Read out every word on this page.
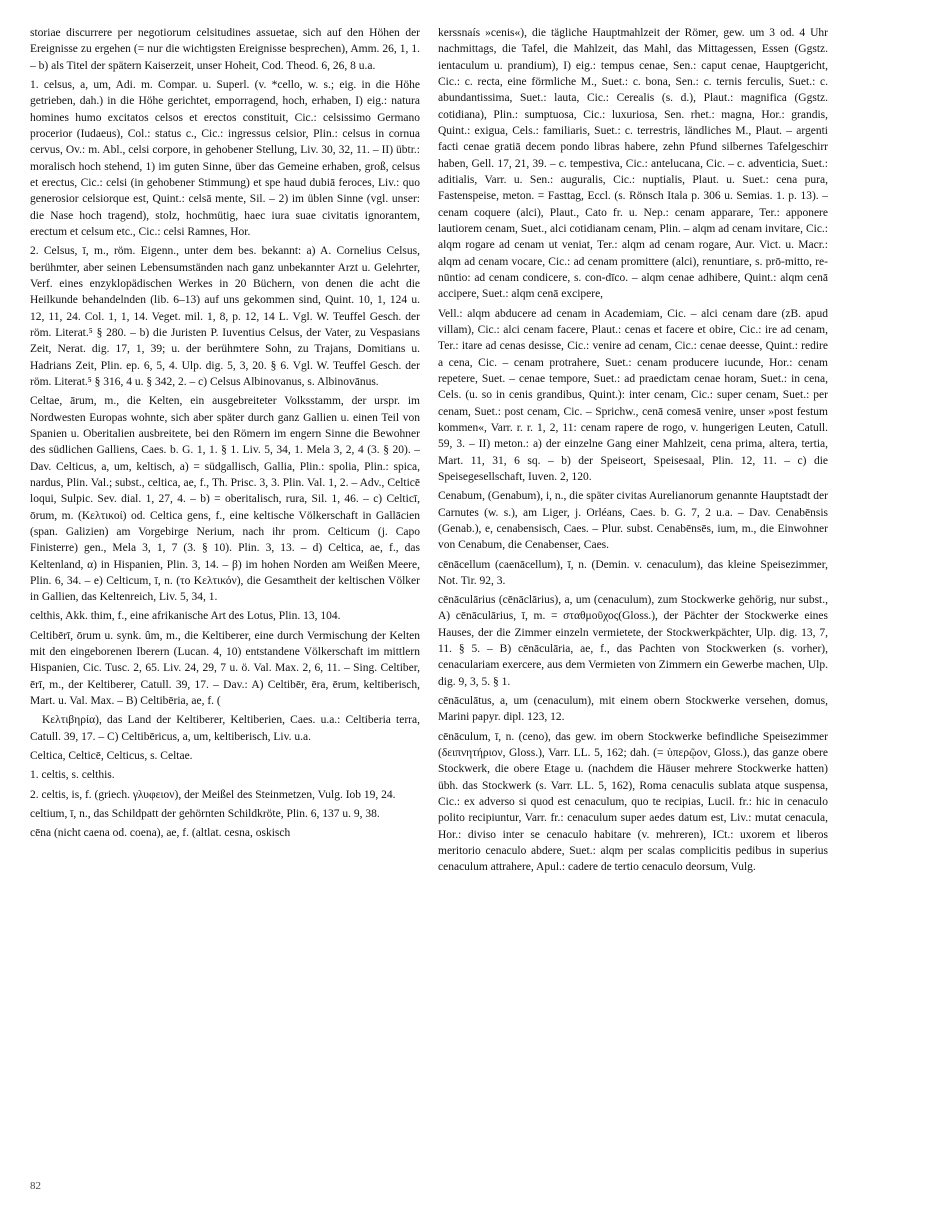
storiae discurrere per negotiorum celsitudines assuetae, sich auf den Höhen der Ereignisse zu ergehen (= nur die wichtigsten Ereignisse besprechen), Amm. 26, 1, 1. – b) als Titel der spätern Kaiserzeit, unser Hoheit, Cod. Theod. 6, 26, 8 u.a.

1. celsus, a, um, Adi. m. Compar. u. Superl. (v. *cello, w. s.; eig. in die Höhe getrieben, dah.) in die Höhe gerichtet, emporragend, hoch, erhaben, I) eig.: natura homines humo excitatos celsos et erectos constituit, Cic.: celsissimo Germano procerior (Iudaeus), Col.: status c., Cic.: ingressus celsior, Plin.: celsus in cornua cervus, Ov.: m. Abl., celsi corpore, in gehobener Stellung, Liv. 30, 32, 11. – II) übtr.: moralisch hoch stehend, 1) im guten Sinne, über das Gemeine erhaben, groß, celsus et erectus, Cic.: celsi (in gehobener Stimmung) et spe haud dubiā feroces, Liv.: quo generosior celsiorque est, Quint.: celsā mente, Sil. – 2) im üblen Sinne (vgl. unser: die Nase hoch tragend), stolz, hochmütig, haec iura suae civitatis ignorantem, erectum et celsum etc., Cic.: celsi Ramnes, Hor.

2. Celsus, ī, m., röm. Eigenn., unter dem bes. bekannt: a) A. Cornelius Celsus, berühmter, aber seinen Lebensumständen nach ganz unbekannter Arzt u. Gelehrter, Verf. eines enzyklopädischen Werkes in 20 Büchern, von denen die acht die Heilkunde behandelnden (lib. 6–13) auf uns gekommen sind, Quint. 10, 1, 124 u. 12, 11, 24. Col. 1, 1, 14. Veget. mil. 1, 8, p. 12, 14 L. Vgl. W. Teuffel Gesch. der röm. Literat.⁵ § 280. – b) die Juristen P. Iuventius Celsus, der Vater, zu Vespasians Zeit, Nerat. dig. 17, 1, 39; u. der berühmtere Sohn, zu Trajans, Domitians u. Hadrians Zeit, Plin. ep. 6, 5, 4. Ulp. dig. 5, 3, 20. § 6. Vgl. W. Teuffel Gesch. der röm. Literat.⁵ § 316, 4 u. § 342, 2. – c) Celsus Albinovanus, s. Albinovānus.

Celtae, ārum, m., die Kelten, ein ausgebreiteter Volksstamm, der urspr. im Nordwesten Europas wohnte, sich aber später durch ganz Gallien u. einen Teil von Spanien u. Oberitalien ausbreitete, bei den Römern im engern Sinne die Bewohner des südlichen Galliens, Caes. b. G. 1, 1. § 1. Liv. 5, 34, 1. Mela 3, 2, 4 (3. § 20). – Dav. Celticus, a, um, keltisch, a) = südgallisch, Gallia, Plin.: spolia, Plin.: spica, nardus, Plin. Val.; subst., celtica, ae, f., Th. Prisc. 3, 3. Plin. Val. 1, 2. – Adv., Celticē loqui, Sulpic. Sev. dial. 1, 27, 4. – b) = oberitalisch, rura, Sil. 1, 46. – c) Celticī, ōrum, m. (Κελτικοί) od. Celtica gens, f., eine keltische Völkerschaft in Gallācien (span. Galizien) am Vorgebirge Nerium, nach ihr prom. Celticum (j. Capo Finisterre) gen., Mela 3, 1, 7 (3. § 10). Plin. 3, 13. – d) Celtica, ae, f., das Keltenland, α) in Hispanien, Plin. 3, 14. – β) im hohen Norden am Weißen Meere, Plin. 6, 34. – e) Celticum, ī, n. (το Κελτικόν), die Gesamtheit der keltischen Völker in Gallien, das Keltenreich, Liv. 5, 34, 1.

celthis, Akk. thim, f., eine afrikanische Art des Lotus, Plin. 13, 104.

Celtibērī, ōrum u. synk. ûm, m., die Keltiberer, eine durch Vermischung der Kelten mit den eingeborenen Iberern (Lucan. 4, 10) entstandene Völkerschaft im mittlern Hispanien, Cic. Tusc. 2, 65. Liv. 24, 29, 7 u. ö. Val. Max. 2, 6, 11. – Sing. Celtiber, ērī, m., der Keltiberer, Catull. 39, 17. – Dav.: A) Celtibēr, ēra, ērum, keltiberisch, Mart. u. Val. Max. – B) Celtibēria, ae, f. (

Κελτιβηρία), das Land der Keltiberer, Keltiberien, Caes. u.a.: Celtiberia terra, Catull. 39, 17. – C) Celtibēricus, a, um, keltiberisch, Liv. u.a.

Celtica, Celticē, Celticus, s. Celtae.

1. celtis, s. celthis.

2. celtis, is, f. (griech. γλυφειον), der Meißel des Steinmetzen, Vulg. Iob 19, 24.

celtium, ī, n., das Schildpatt der gehörnten Schildkröte, Plin. 6, 137 u. 9, 38.

cēna (nicht caena od. coena), ae, f. (altlat. cesna, oskisch

kerssnaís »cenis«), die tägliche Hauptmahlzeit der Römer, gew. um 3 od. 4 Uhr nachmittags, die Tafel, die Mahlzeit, das Mahl, das Mittagessen, Essen (Ggstz. ientaculum u. prandium), I) eig.: tempus cenae, Sen.: caput cenae, Hauptgericht, Cic.: c. recta, eine förmliche M., Suet.: c. bona, Sen.: c. ternis ferculis, Suet.: c. abundantissima, Suet.: lauta, Cic.: Cerealis (s. d.), Plaut.: magnifica (Ggstz. cotidiana), Plin.: sumptuosa, Cic.: luxuriosa, Sen. rhet.: magna, Hor.: grandis, Quint.: exigua, Cels.: familiaris, Suet.: c. terrestris, ländliches M., Plaut. – argenti facti cenae gratiā decem pondo libras habere, zehn Pfund silbernes Tafelgeschirr haben, Gell. 17, 21, 39. – c. tempestiva, Cic.: antelucana, Cic. – c. adventicia, Suet.: aditialis, Varr. u. Sen.: auguralis, Cic.: nuptialis, Plaut. u. Suet.: cena pura, Fastenspeise, meton. = Fasttag, Eccl. (s. Rönsch Itala p. 306 u. Semias. 1. p. 13). – cenam coquere (alci), Plaut., Cato fr. u. Nep.: cenam apparare, Ter.: apponere lautiorem cenam, Suet., alci cotidianam cenam, Plin. – alqm ad cenam invitare, Cic.: alqm rogare ad cenam ut veniat, Ter.: alqm ad cenam rogare, Aur. Vict. u. Macr.: alqm ad cenam vocare, Cic.: ad cenam promittere (alci), renuntiare, s. prō-mitto, re-nūntio: ad cenam condicere, s. con-dīco. – alqm cenae adhibere, Quint.: alqm cenā accipere, Suet.: alqm cenā excipere,

Vell.: alqm abducere ad cenam in Academiam, Cic. – alci cenam dare (zB. apud villam), Cic.: alci cenam facere, Plaut.: cenas et facere et obire, Cic.: ire ad cenam, Ter.: itare ad cenas desisse, Cic.: venire ad cenam, Cic.: cenae deesse, Quint.: redire a cena, Cic. – cenam protrahere, Suet.: cenam producere iucunde, Hor.: cenam repetere, Suet. – cenae tempore, Suet.: ad praedictam cenae horam, Suet.: in cena, Cels. (u. so in cenis grandibus, Quint.): inter cenam, Cic.: super cenam, Suet.: per cenam, Suet.: post cenam, Cic. – Sprichw., cenā comesā venire, unser »post festum kommen«, Varr. r. r. 1, 2, 11: cenam rapere de rogo, v. hungerigen Leuten, Catull. 59, 3. – II) meton.: a) der einzelne Gang einer Mahlzeit, cena prima, altera, tertia, Mart. 11, 31, 6 sq. – b) der Speiseort, Speisesaal, Plin. 12, 11. – c) die Speisegesellschaft, Iuven. 2, 120.

Cenabum, (Genabum), i, n., die später civitas Aurelianorum genannte Hauptstadt der Carnutes (w. s.), am Liger, j. Orléans, Caes. b. G. 7, 2 u.a. – Dav. Cenabēnsis (Genab.), e, cenabensisch, Caes. – Plur. subst. Cenabēnsēs, ium, m., die Einwohner von Cenabum, die Cenabenser, Caes.

cēnācellum (caenācellum), ī, n. (Demin. v. cenaculum), das kleine Speisezimmer, Not. Tir. 92, 3.

cēnāculārius (cēnāclārius), a, um (cenaculum), zum Stockwerke gehörig, nur subst., A) cēnāculārius, ī, m. = σταθμοῦχος(Gloss.), der Pächter der Stockwerke eines Hauses, der die Zimmer einzeln vermietete, der Stockwerkpächter, Ulp. dig. 13, 7, 11. § 5. – B) cēnāculāria, ae, f., das Pachten von Stockwerken (s. vorher), cenaculariam exercere, aus dem Vermieten von Zimmern ein Gewerbe machen, Ulp. dig. 9, 3, 5. § 1.

cēnāculātus, a, um (cenaculum), mit einem obern Stockwerke versehen, domus, Marini papyr. dipl. 123, 12.

cēnāculum, ī, n. (ceno), das gew. im obern Stockwerke befindliche Speisezimmer (δειπνητήριον, Gloss.), Varr. LL. 5, 162; dah. (= ὑπερῷον, Gloss.), das ganze obere Stockwerk, die obere Etage u. (nachdem die Häuser mehrere Stockwerke hatten) übh. das Stockwerk (s. Varr. LL. 5, 162), Roma cenaculis sublata atque suspensa, Cic.: ex adverso si quod est cenaculum, quo te recipias, Lucil. fr.: hic in cenaculo polito recipiuntur, Varr. fr.: cenaculum super aedes datum est, Liv.: mutat cenacula, Hor.: diviso inter se cenaculo habitare (v. mehreren), ICt.: uxorem et liberos meritorio cenaculo abdere, Suet.: alqm per scalas complicitis pedibus in superius cenaculum attrahere, Apul.: cadere de tertio cenaculo deorsum, Vulg.

82
